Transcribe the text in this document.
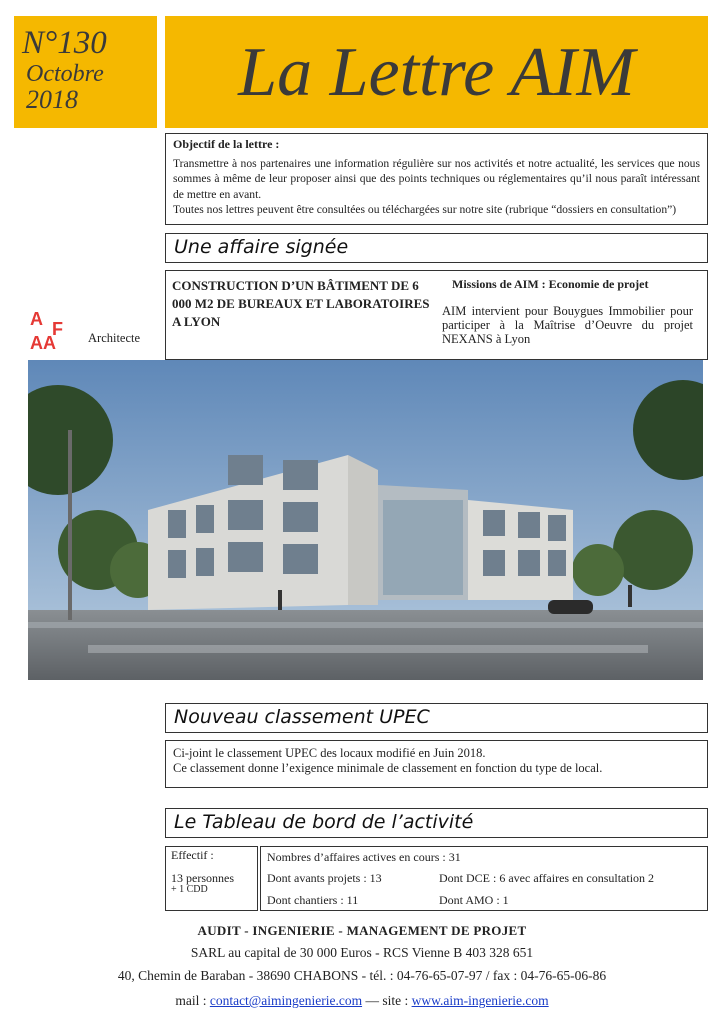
N°130
Octobre
2018	La Lettre AIM
Objectif de la lettre :
Transmettre à nos partenaires une information régulière sur nos activités et notre actualité, les services que nous sommes à même de leur proposer ainsi que des points techniques ou réglementaires qu’il nous paraît intéressant de mettre en avant.
Toutes nos lettres peuvent être consultées ou téléchargées sur notre site (rubrique “dossiers en consultation”)
Une affaire signée
CONSTRUCTION D’UN BÂTIMENT DE 6 000 M2 DE BUREAUX ET LABORATOIRES A LYON
Missions de AIM : Economie de projet
AIM intervient pour Bouygues Immobilier pour participer à la Maîtrise d’Oeuvre du projet NEXANS à Lyon
A F
AA	Architecte
Nouveau classement UPEC
Ci-joint le classement UPEC des locaux modifié en Juin 2018.
Ce classement donne l’exigence minimale de classement en fonction du type de local.
Le Tableau de bord de l’activité
Effectif :
13 personnes
+ 1 CDD
Nombres d’affaires actives en cours : 31
Dont avants projets : 13	Dont DCE : 6 avec affaires en consultation 2
Dont chantiers : 11	Dont AMO : 1
AUDIT - INGENIERIE - MANAGEMENT DE PROJET
SARL au capital de 30 000 Euros - RCS Vienne B 403 328 651
40, Chemin de Baraban - 38690 CHABONS - tél. : 04-76-65-07-97 / fax : 04-76-65-06-86
mail : contact@aimingenierie.com — site : www.aim-ingenierie.com
